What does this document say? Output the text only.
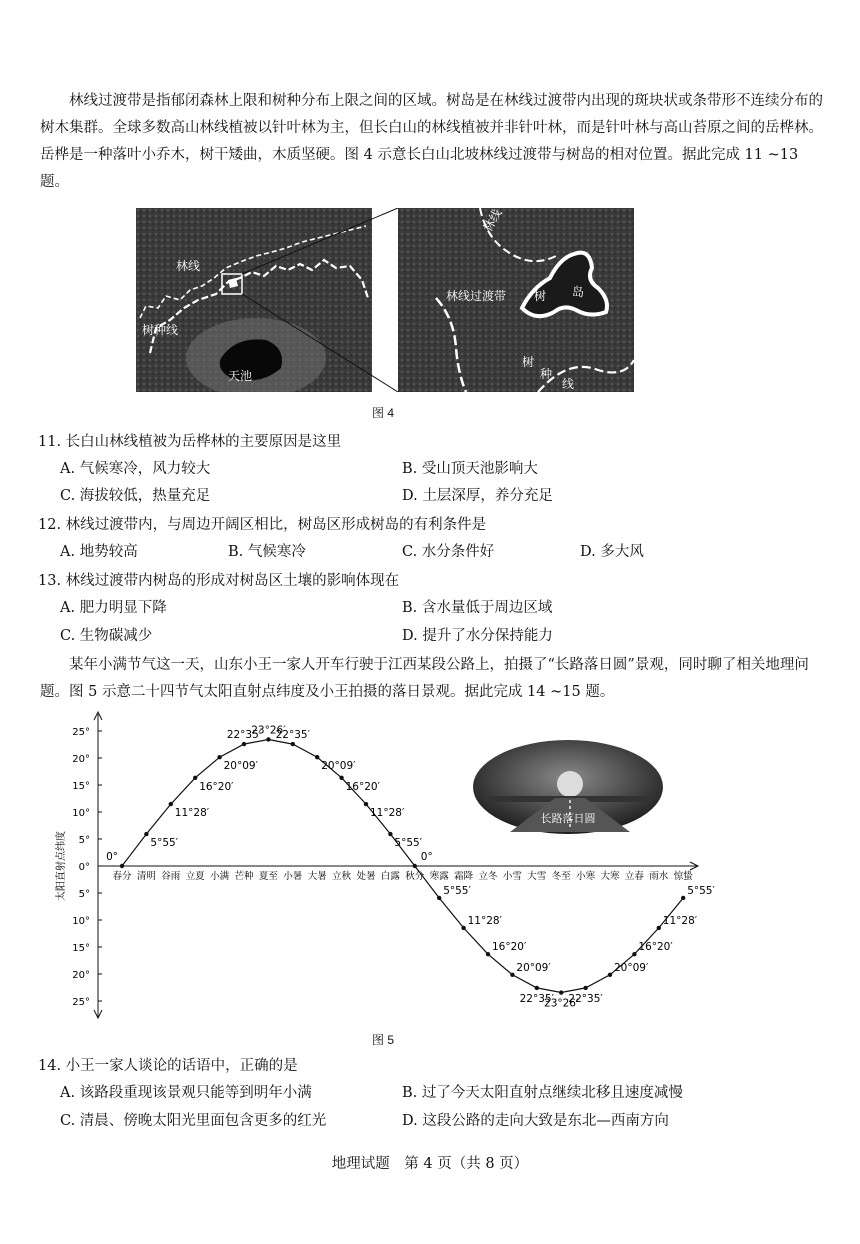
林线过渡带是指郁闭森林上限和树种分布上限之间的区域。树岛是在林线过渡带内出现的斑块状或条带形不连续分布的树木集群。全球多数高山林线植被以针叶林为主，但长白山的林线植被并非针叶林，而是针叶林与高山苔原之间的岳桦林。岳桦是一种落叶小乔木，树干矮曲，木质坚硬。图 4 示意长白山北坡林线过渡带与树岛的相对位置。据此完成 11 ~13 题。
林线
树种线
天池
林线
林线过渡带 树 岛
树
种
线
图 4
11. 长白山林线植被为岳桦林的主要原因是这里
A. 气候寒冷，风力较大	B. 受山顶天池影响大
C. 海拔较低，热量充足	D. 土层深厚，养分充足
12. 林线过渡带内，与周边开阔区相比，树岛区形成树岛的有利条件是
A. 地势较高	B. 气候寒冷	C. 水分条件好	D. 多大风
13. 林线过渡带内树岛的形成对树岛区土壤的影响体现在
A. 肥力明显下降	B. 含水量低于周边区域
C. 生物碳减少	D. 提升了水分保持能力
某年小满节气这一天，山东小王一家人开车行驶于江西某段公路上，拍摄了“长路落日圆”景观，同时聊了相关地理问题。图 5 示意二十四节气太阳直射点纬度及小王拍摄的落日景观。据此完成 14 ~15 题。
25°
20°
15°
10°
5°
0°
5°
10°
15°
20°
25°
太阳直射点纬度	春分 清明 谷雨 立夏 小满 芒种 夏至 小暑 大暑 立秋 处暑 白露 秋分 寒露 霜降 立冬 小雪 大雪 冬至 小寒 大寒 立春 雨水 惊蛰
0°
5°55′
11°28′
16°20′
20°09′
22°35′
23°26′
22°35′
20°09′
16°20′
11°28′
5°55′
0°
5°55′
11°28′
16°20′
20°09′
22°35′
23°26′
22°35′
20°09′
16°20′
11°28′
5°55′
长路落日圆
图 5
14. 小王一家人谈论的话语中，正确的是
A. 该路段重现该景观只能等到明年小满	B. 过了今天太阳直射点继续北移且速度减慢
C. 清晨、傍晚太阳光里面包含更多的红光	D. 这段公路的走向大致是东北—西南方向
地理试题　第 4 页（共 8 页）
